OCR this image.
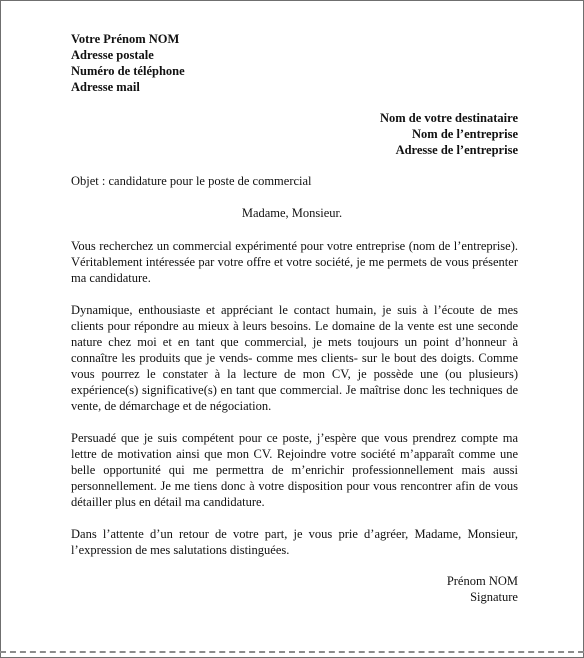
Votre Prénom NOM
Adresse postale
Numéro de téléphone
Adresse mail
Nom de votre destinataire
Nom de l’entreprise
Adresse de l’entreprise
Objet : candidature pour le poste de commercial
Madame, Monsieur.

Vous recherchez un commercial expérimenté pour votre entreprise (nom de l’entreprise). Véritablement intéressée par votre offre et votre société, je me permets de vous présenter ma candidature.

Dynamique, enthousiaste et appréciant le contact humain, je suis à l’écoute de mes clients pour répondre au mieux à leurs besoins. Le domaine de la vente est une seconde nature chez moi et en tant que commercial, je mets toujours un point d’honneur à connaître les produits que je vends- comme mes clients- sur le bout des doigts. Comme vous pourrez le constater à la lecture de mon CV, je possède une (ou plusieurs) expérience(s) significative(s) en tant que commercial. Je maîtrise donc les techniques de vente, de démarchage et de négociation.

Persuadé que je suis compétent pour ce poste, j’espère que vous prendrez compte ma lettre de motivation ainsi que mon CV. Rejoindre votre société m’apparaît comme une belle opportunité qui me permettra de m’enrichir professionnellement mais aussi personnellement. Je me tiens donc à votre disposition pour vous rencontrer afin de vous détailler plus en détail ma candidature.

Dans l’attente d’un retour de votre part, je vous prie d’agréer, Madame, Monsieur, l’expression de mes salutations distinguées.

Prénom NOM
Signature
